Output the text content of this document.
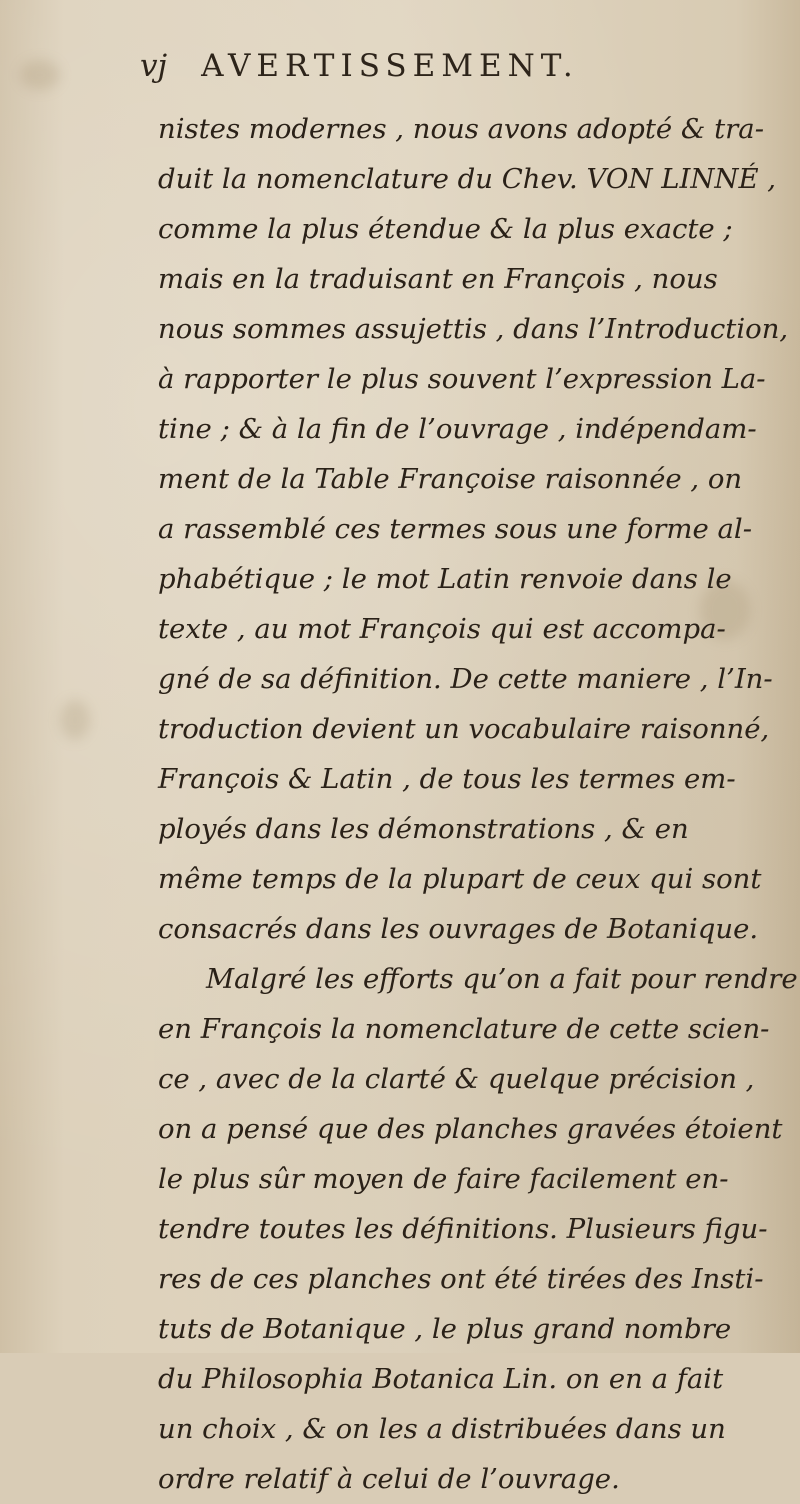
vj AVERTISSEMENT.
nistes modernes , nous avons adopté & tra-
duit la nomenclature du Chev. VON LINNÉ ,
comme la plus étendue & la plus exacte ;
mais en la traduisant en François , nous
nous sommes assujettis , dans l’Introduction,
à rapporter le plus souvent l’expression La-
tine ; & à la fin de l’ouvrage , indépendam-
ment de la Table Françoise raisonnée , on
a rassemblé ces termes sous une forme al-
phabétique ; le mot Latin renvoie dans le
texte , au mot François qui est accompa-
gné de sa définition. De cette maniere , l’In-
troduction devient un vocabulaire raisonné,
François & Latin , de tous les termes em-
ployés dans les démonstrations , & en
même temps de la plupart de ceux qui sont
consacrés dans les ouvrages de Botanique.
Malgré les efforts qu’on a fait pour rendre
en François la nomenclature de cette scien-
ce , avec de la clarté & quelque précision ,
on a pensé que des planches gravées étoient
le plus sûr moyen de faire facilement en-
tendre toutes les définitions. Plusieurs figu-
res de ces planches ont été tirées des Insti-
tuts de Botanique , le plus grand nombre
du Philosophia Botanica Lin. on en a fait
un choix , & on les a distribuées dans un
ordre relatif à celui de l’ouvrage.
